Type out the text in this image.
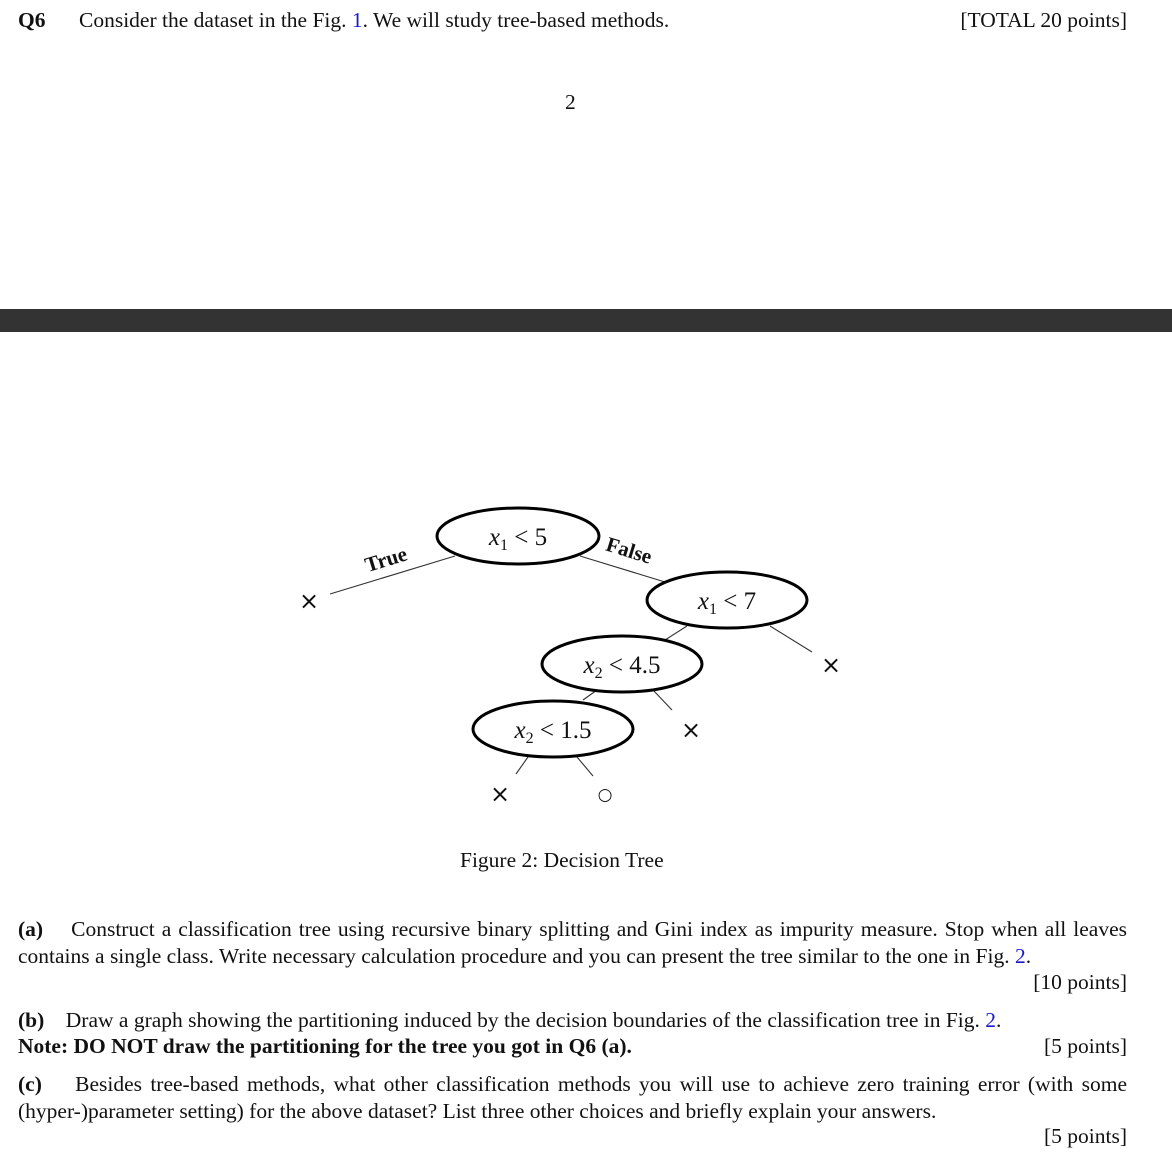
Q6 Consider the dataset in the Fig. 1. We will study tree-based methods.	[TOTAL 20 points]
2
$x_1 < 5$
$x_1 < 7$
$x_2 < 4.5$
$x_2 < 1.5$
True	False
×
×
×
×	○
Figure 2: Decision Tree
(a) Construct a classification tree using recursive binary splitting and Gini index as impurity measure. Stop when all leaves contains a single class. Write necessary calculation procedure and you can present the tree similar to the one in Fig. 2.
[10 points]
(b) Draw a graph showing the partitioning induced by the decision boundaries of the classification tree in Fig. 2.
Note: DO NOT draw the partitioning for the tree you got in Q6 (a).	[5 points]
(c) Besides tree-based methods, what other classification methods you will use to achieve zero training error (with some (hyper-)parameter setting) for the above dataset? List three other choices and briefly explain your answers.
[5 points]
